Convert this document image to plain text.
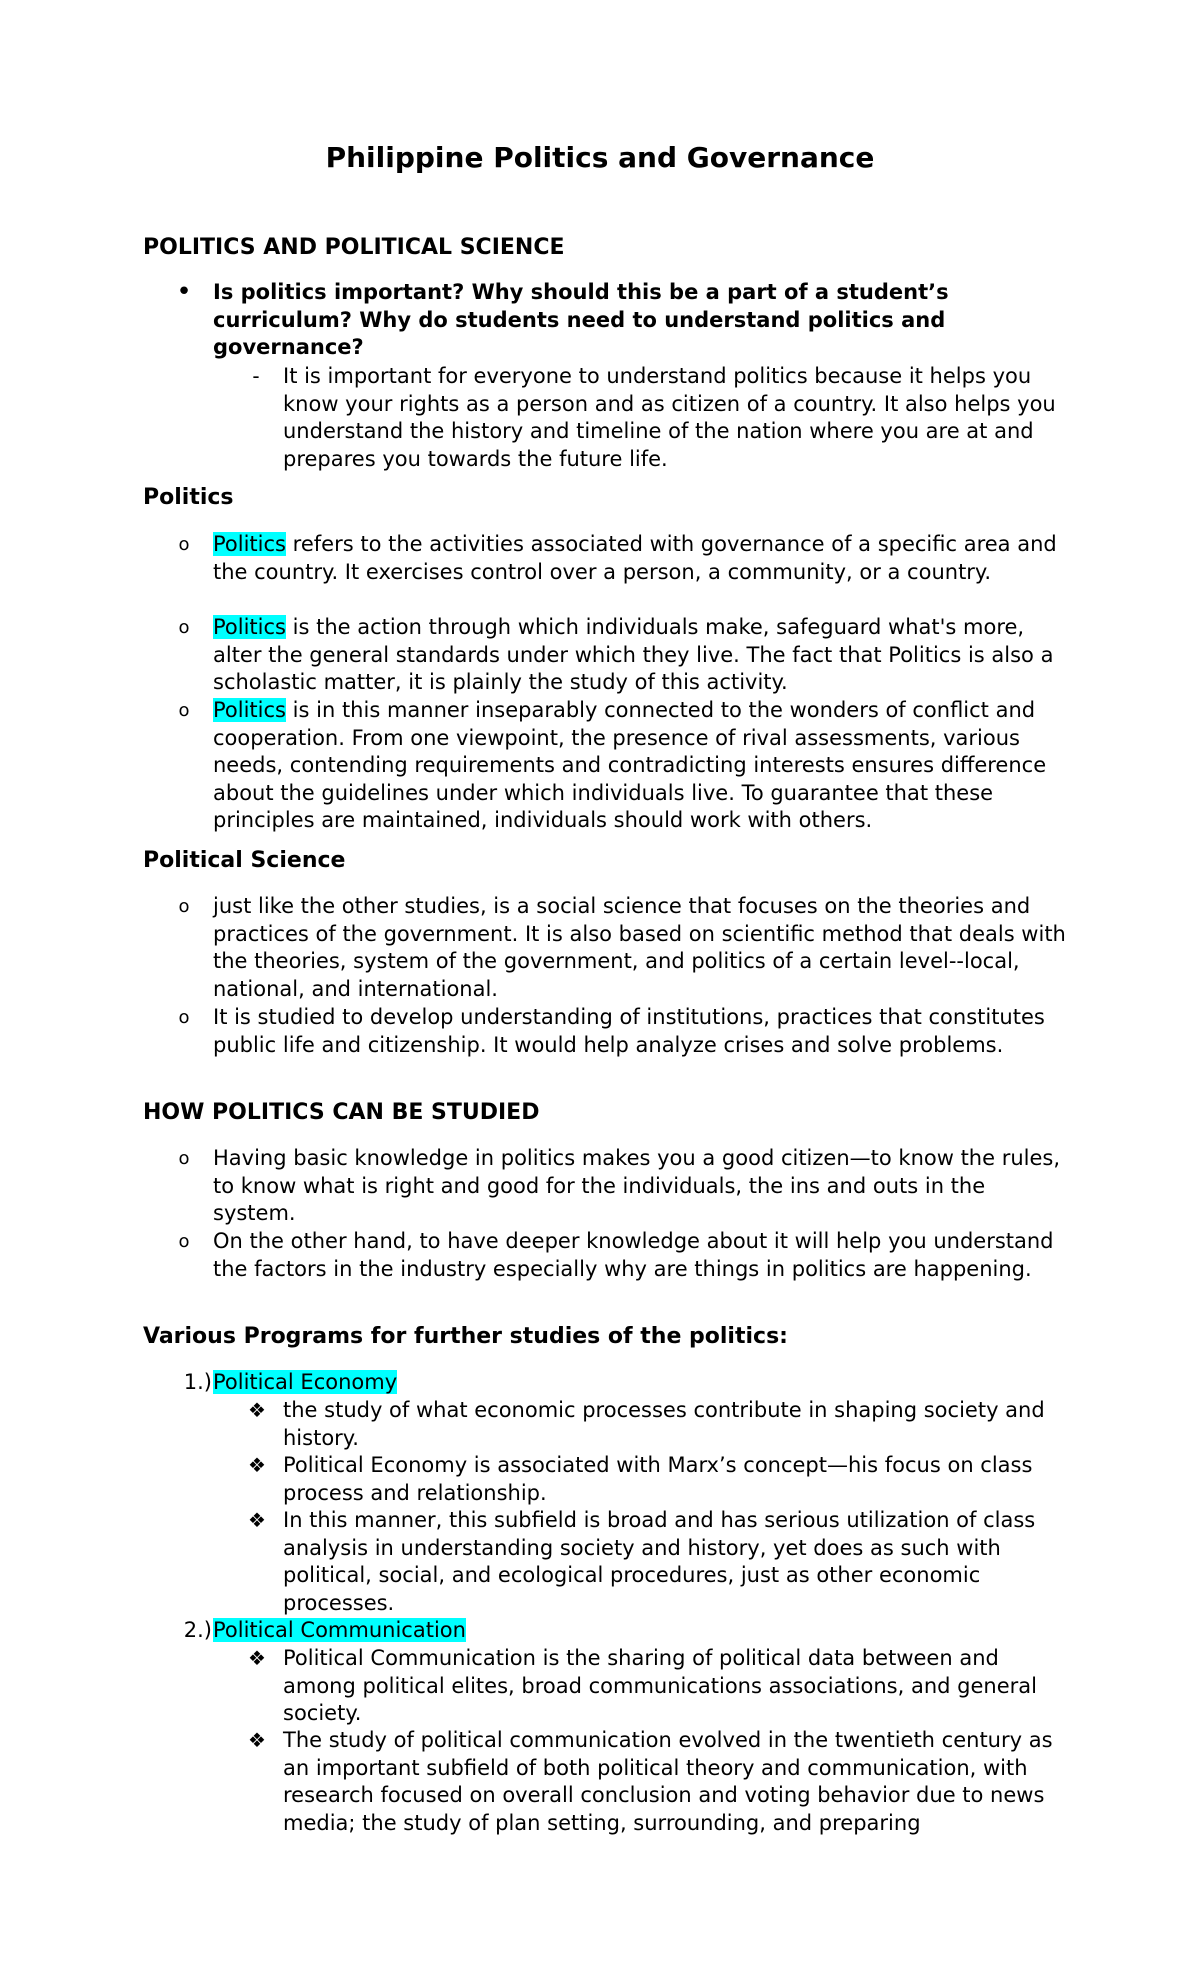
Philippine Politics and Governance
POLITICS AND POLITICAL SCIENCE
• Is politics important? Why should this be a part of a student’s curriculum? Why do students need to understand politics and governance?

-	It is important for everyone to understand politics because it helps you know your rights as a person and as citizen of a country. It also helps you understand the history and timeline of the nation where you are at and prepares you towards the future life.

Politics
o	Politics refers to the activities associated with governance of a specific area and the country. It exercises control over a person, a community, or a country.

o	Politics is the action through which individuals make, safeguard what's more, alter the general standards under which they live. The fact that Politics is also a scholastic matter, it is plainly the study of this activity.

o	Politics is in this manner inseparably connected to the wonders of conflict and cooperation. From one viewpoint, the presence of rival assessments, various needs, contending requirements and contradicting interests ensures difference about the guidelines under which individuals live. To guarantee that these principles are maintained, individuals should work with others.

Political Science
o	just like the other studies, is a social science that focuses on the theories and practices of the government. It is also based on scientific method that deals with the theories, system of the government, and politics of a certain level--local, national, and international.

o	It is studied to develop understanding of institutions, practices that constitutes public life and citizenship. It would help analyze crises and solve problems.

HOW POLITICS CAN BE STUDIED
o	Having basic knowledge in politics makes you a good citizen—to know the rules, to know what is right and good for the individuals, the ins and outs in the system.

o	On the other hand, to have deeper knowledge about it will help you understand the factors in the industry especially why are things in politics are happening.

Various Programs for further studies of the politics:
1.) Political Economy

❖ the study of what economic processes contribute in shaping society and history.

❖ Political Economy is associated with Marx’s concept—his focus on class process and relationship.

❖ In this manner, this subfield is broad and has serious utilization of class analysis in understanding society and history, yet does as such with political, social, and ecological procedures, just as other economic processes.

2.) Political Communication

❖ Political Communication is the sharing of political data between and among political elites, broad communications associations, and general society.

❖ The study of political communication evolved in the twentieth century as an important subfield of both political theory and communication, with research focused on overall conclusion and voting behavior due to news media; the study of plan setting, surrounding, and preparing
